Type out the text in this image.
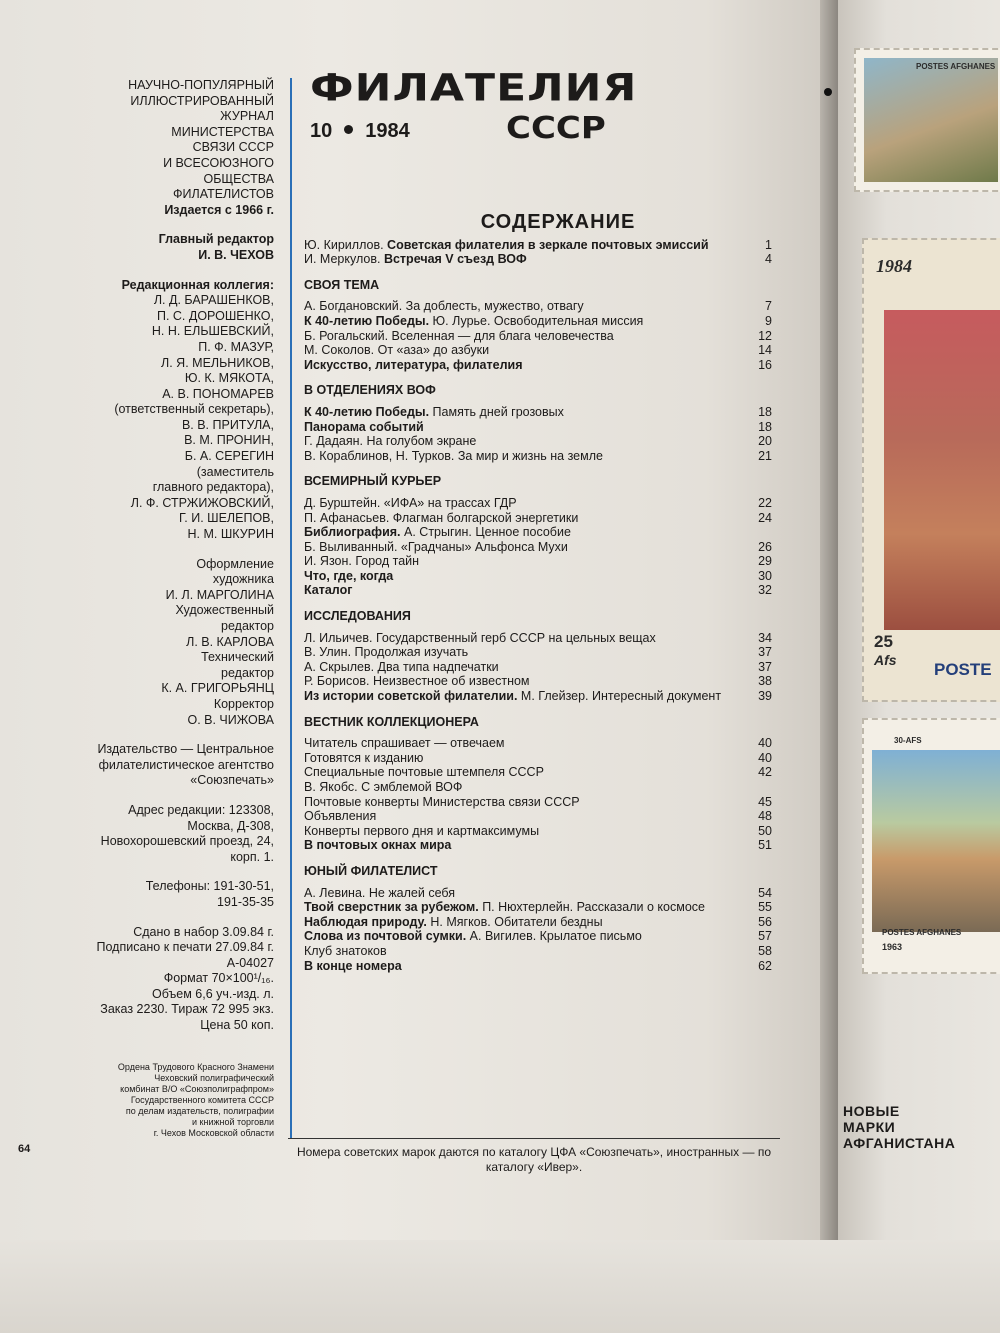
НАУЧНО-ПОПУЛЯРНЫЙ
ИЛЛЮСТРИРОВАННЫЙ
ЖУРНАЛ
МИНИСТЕРСТВА
СВЯЗИ СССР
И ВСЕСОЮЗНОГО
ОБЩЕСТВА
ФИЛАТЕЛИСТОВ
Издается с 1966 г.
Главный редактор
И. В. ЧЕХОВ
Редакционная коллегия:
Л. Д. БАРАШЕНКОВ,
П. С. ДОРОШЕНКО,
Н. Н. ЕЛЬШЕВСКИЙ,
П. Ф. МАЗУР,
Л. Я. МЕЛЬНИКОВ,
Ю. К. МЯКОТА,
А. В. ПОНОМАРЕВ
(ответственный секретарь),
В. В. ПРИТУЛА,
В. М. ПРОНИН,
Б. А. СЕРЕГИН
(заместитель
главного редактора),
Л. Ф. СТРЖИЖОВСКИЙ,
Г. И. ШЕЛЕПОВ,
Н. М. ШКУРИН
Оформление
художника
И. Л. МАРГОЛИНА
Художественный
редактор
Л. В. КАРЛОВА
Технический
редактор
К. А. ГРИГОРЬЯНЦ
Корректор
О. В. ЧИЖОВА
Издательство — Центральное
филателистическое агентство
«Союзпечать»
Адрес редакции: 123308,
Москва, Д-308,
Новохорошевский проезд, 24,
корп. 1.
Телефоны: 191-30-51,
191-35-35
Сдано в набор 3.09.84 г.
Подписано к печати 27.09.84 г.
А-04027
Формат 70×100¹/₁₆.
Объем 6,6 уч.-изд. л.
Заказ 2230. Тираж 72 995 экз.
Цена 50 коп.
Ордена Трудового Красного Знамени
Чеховский полиграфический
комбинат В/О «Союзполиграфпром»
Государственного комитета СССР
по делам издательств, полиграфии
и книжной торговли
г. Чехов Московской области
64
ФИЛАТЕЛИЯ
10 1984	СССР
СОДЕРЖАНИЕ
Ю. Кириллов. Советская филателия в зеркале почтовых эмиссий	1
И. Меркулов. Встречая V съезд ВОФ	4
СВОЯ ТЕМА
А. Богдановский. За доблесть, мужество, отвагу	7
К 40-летию Победы. Ю. Лурье. Освободительная миссия	9
Б. Рогальский. Вселенная — для блага человечества	12
М. Соколов. От «аза» до азбуки	14
Искусство, литература, филателия	16
В ОТДЕЛЕНИЯХ ВОФ
К 40-летию Победы. Память дней грозовых	18
Панорама событий	18
Г. Дадаян. На голубом экране	20
В. Кораблинов, Н. Турков. За мир и жизнь на земле	21
ВСЕМИРНЫЙ КУРЬЕР
Д. Бурштейн. «ИФА» на трассах ГДР	22
П. Афанасьев. Флагман болгарской энергетики	24
Библиография. А. Стрыгин. Ценное пособие
Б. Выливанный. «Градчаны» Альфонса Мухи	26
И. Язон. Город тайн	29
Что, где, когда	30
Каталог	32
ИССЛЕДОВАНИЯ
Л. Ильичев. Государственный герб СССР на цельных вещах	34
В. Улин. Продолжая изучать	37
А. Скрылев. Два типа надпечатки	37
Р. Борисов. Неизвестное об известном	38
Из истории советской филателии. М. Глейзер. Интересный документ	39
ВЕСТНИК КОЛЛЕКЦИОНЕРА
Читатель спрашивает — отвечаем	40
Готовятся к изданию	40
Специальные почтовые штемпеля СССР	42
В. Якобс. С эмблемой ВОФ
Почтовые конверты Министерства связи СССР	45
Объявления	48
Конверты первого дня и картмаксимумы	50
В почтовых окнах мира	51
ЮНЫЙ ФИЛАТЕЛИСТ
А. Левина. Не жалей себя	54
Твой сверстник за рубежом. П. Нюхтерлейн. Рассказали о космосе	55
Наблюдая природу. Н. Мягков. Обитатели бездны	56
Слова из почтовой сумки. А. Вигилев. Крылатое письмо	57
Клуб знатоков	58
В конце номера	62
Номера советских марок даются по каталогу ЦФА «Союзпечать», иностранных — по каталогу «Ивер».
POSTES AFGHANES
1984
25
Afs POSTE
30-AFS
POSTES AFGHANES
1963
НОВЫЕ
МАРКИ
АФГАНИСТАНА
